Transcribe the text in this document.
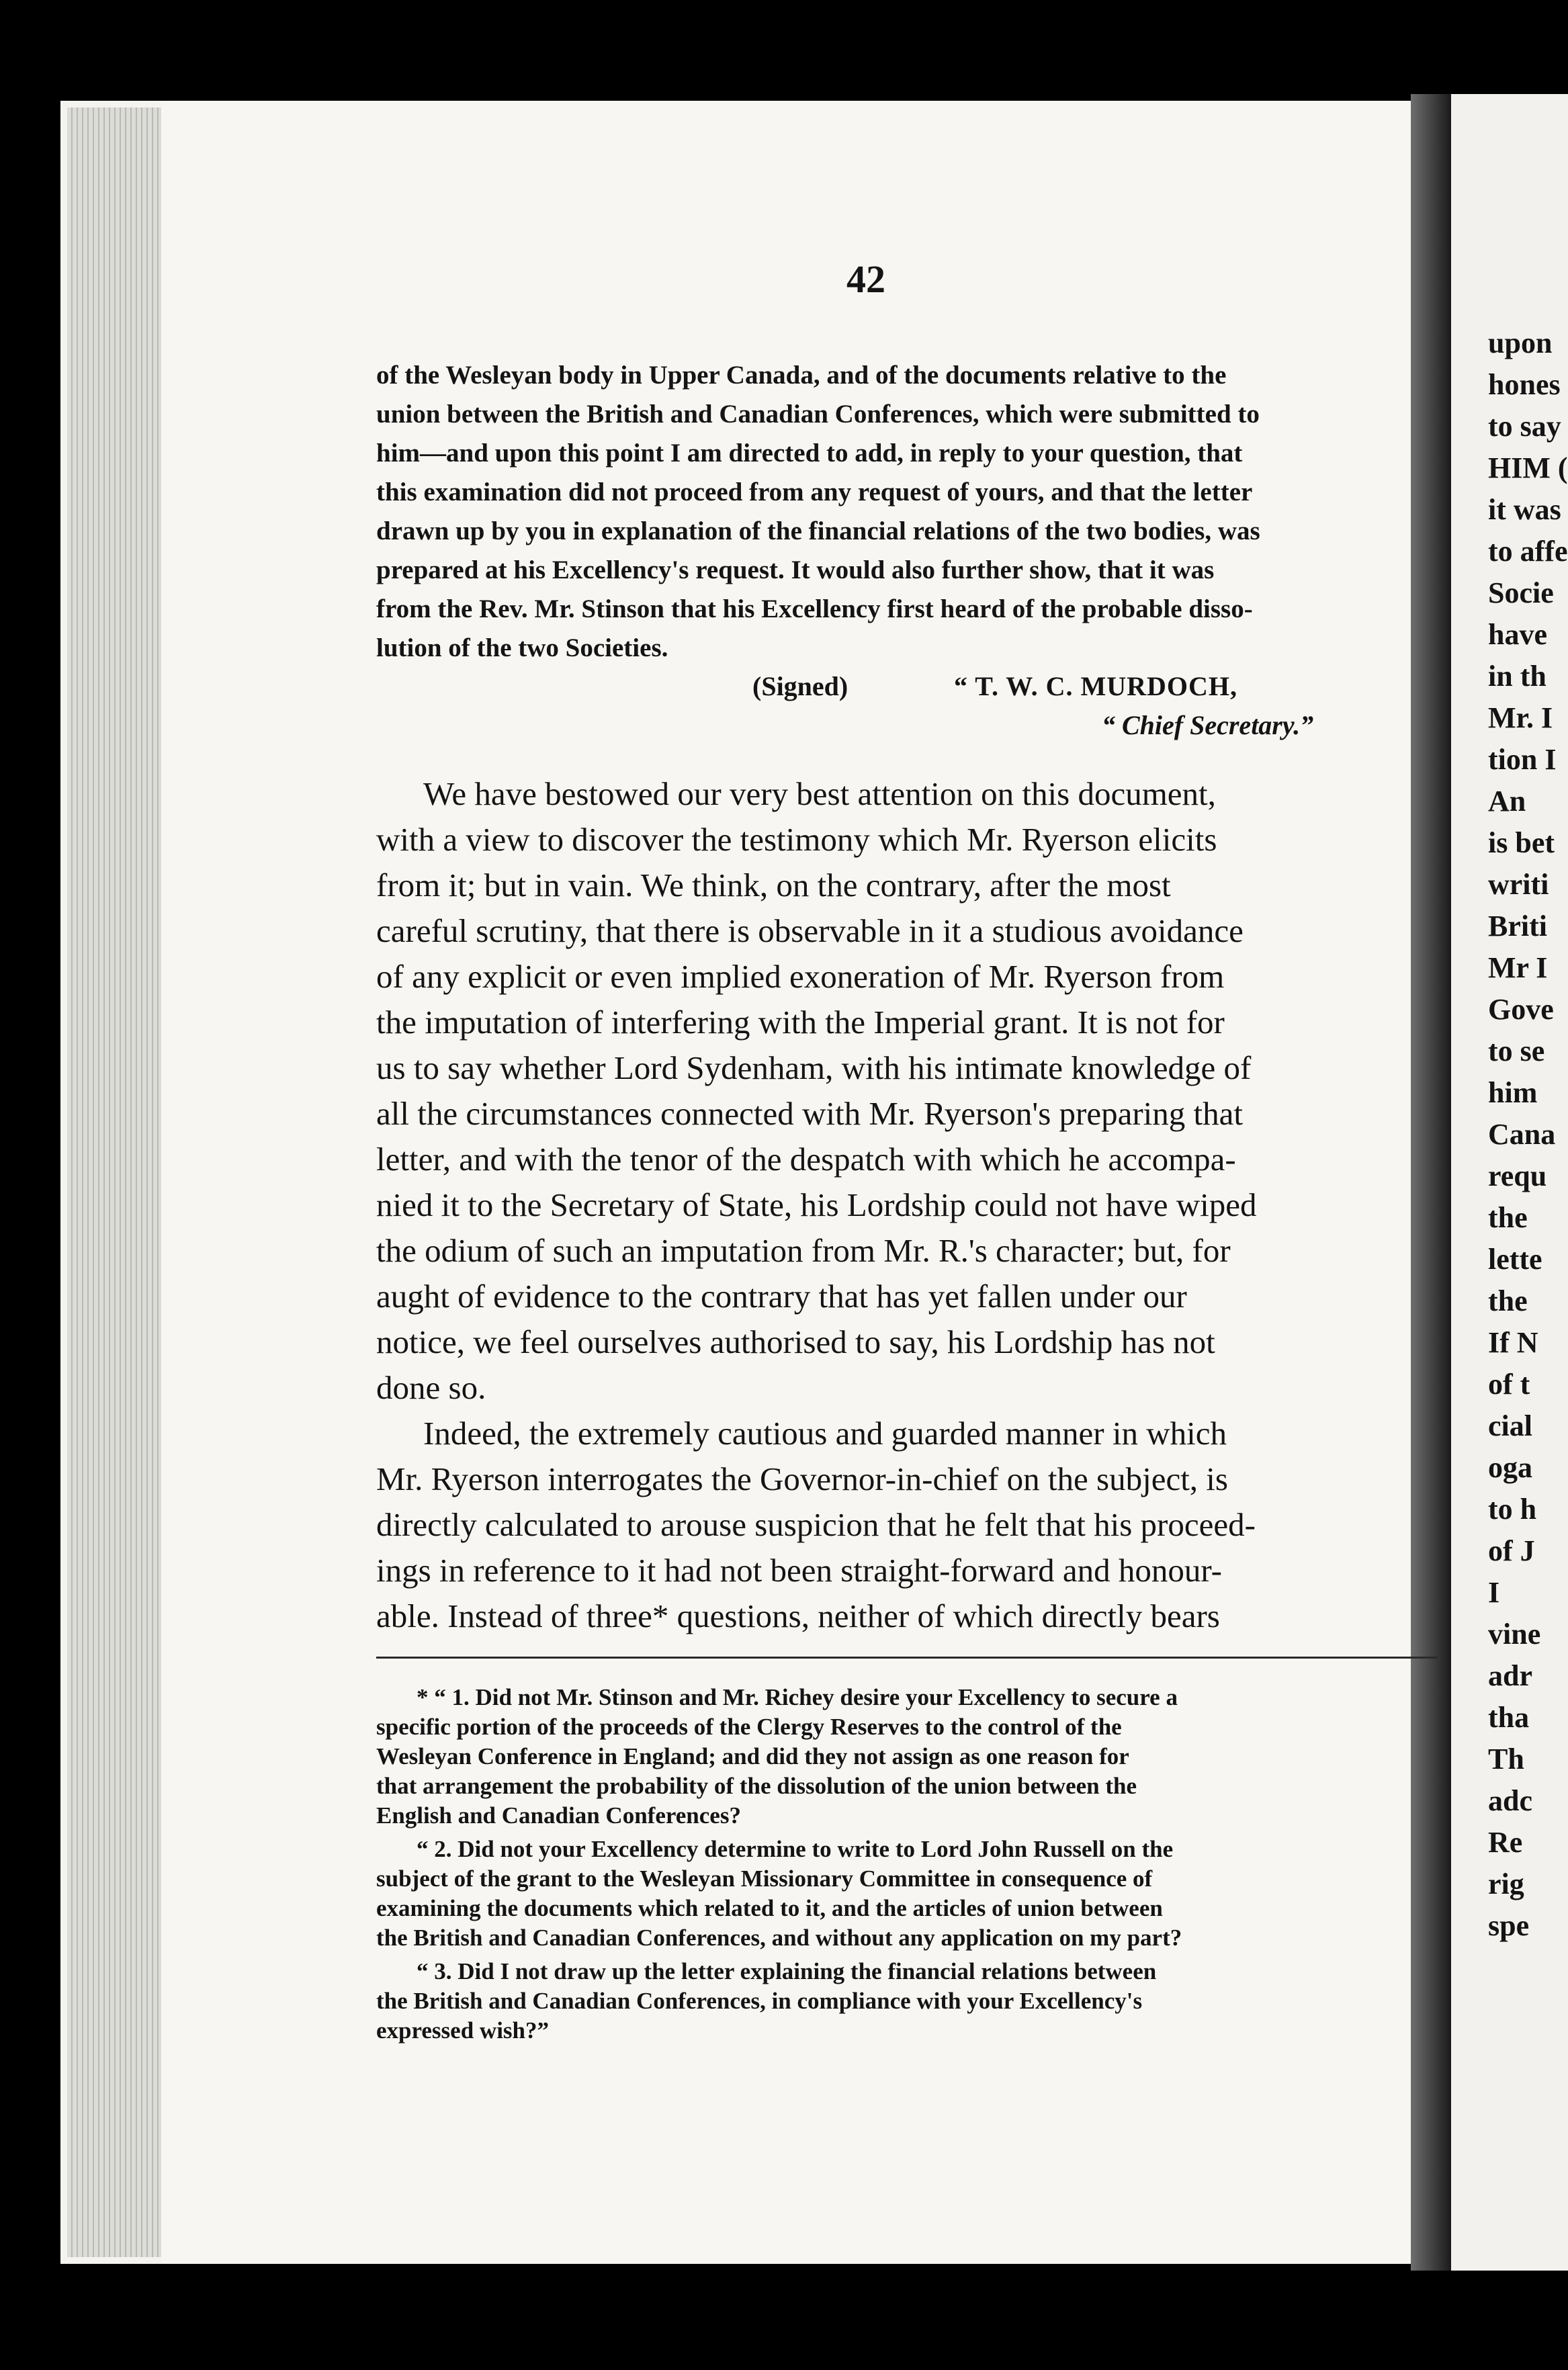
upon
hones
to say
HIM (
it was
to affe
Socie
have
in th
Mr. I
tion I
An
is bet
writi
Briti
Mr I
Gove
to se
him
Cana
requ
the
lette
the
If N
of t
cial
oga
to h
of J
I
vine
adr
tha
Th
adc
Re
rig
spe
42
of the Wesleyan body in Upper Canada, and of the documents relative to the
union between the British and Canadian Conferences, which were submitted to
him—and upon this point I am directed to add, in reply to your question, that
this examination did not proceed from any request of yours, and that the letter
drawn up by you in explanation of the financial relations of the two bodies, was
prepared at his Excellency's request. It would also further show, that it was
from the Rev. Mr. Stinson that his Excellency first heard of the probable disso-
lution of the two Societies.
(Signed)	“ T. W. C. MURDOCH,
“ Chief Secretary.”
We have bestowed our very best attention on this document,
with a view to discover the testimony which Mr. Ryerson elicits
from it; but in vain. We think, on the contrary, after the most
careful scrutiny, that there is observable in it a studious avoidance
of any explicit or even implied exoneration of Mr. Ryerson from
the imputation of interfering with the Imperial grant. It is not for
us to say whether Lord Sydenham, with his intimate knowledge of
all the circumstances connected with Mr. Ryerson's preparing that
letter, and with the tenor of the despatch with which he accompa-
nied it to the Secretary of State, his Lordship could not have wiped
the odium of such an imputation from Mr. R.'s character; but, for
aught of evidence to the contrary that has yet fallen under our
notice, we feel ourselves authorised to say, his Lordship has not
done so.
Indeed, the extremely cautious and guarded manner in which
Mr. Ryerson interrogates the Governor-in-chief on the subject, is
directly calculated to arouse suspicion that he felt that his proceed-
ings in reference to it had not been straight-forward and honour-
able. Instead of three* questions, neither of which directly bears
* “ 1. Did not Mr. Stinson and Mr. Richey desire your Excellency to secure a
specific portion of the proceeds of the Clergy Reserves to the control of the
Wesleyan Conference in England; and did they not assign as one reason for
that arrangement the probability of the dissolution of the union between the
English and Canadian Conferences?
“ 2. Did not your Excellency determine to write to Lord John Russell on the
subject of the grant to the Wesleyan Missionary Committee in consequence of
examining the documents which related to it, and the articles of union between
the British and Canadian Conferences, and without any application on my part?
“ 3. Did I not draw up the letter explaining the financial relations between
the British and Canadian Conferences, in compliance with your Excellency's
expressed wish?”
